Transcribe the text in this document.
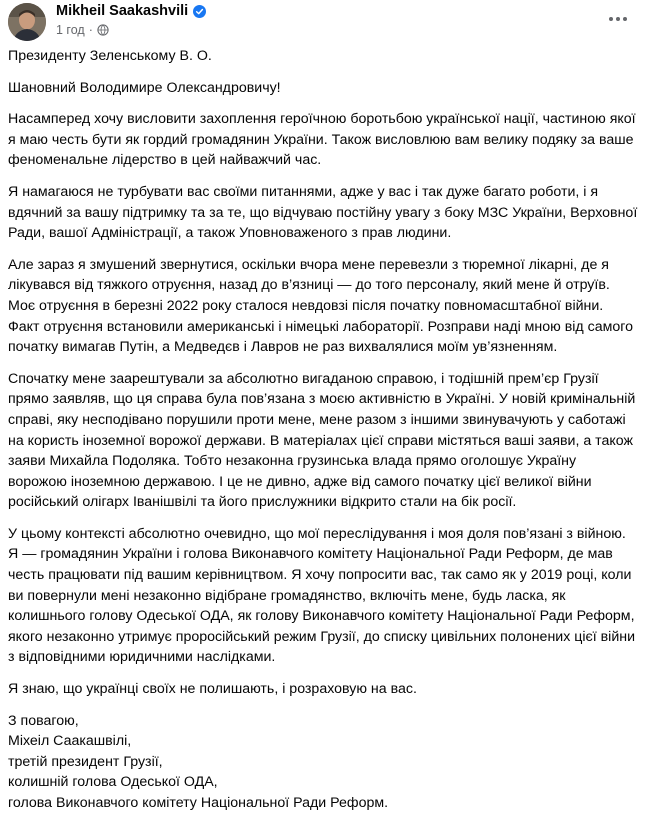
Mikheil Saakashvili
1 год ·

Президенту Зеленському В. О.

Шановний Володимире Олександровичу!

Насамперед хочу висловити захоплення героїчною боротьбою української нації, частиною якої я маю честь бути як гордий громадянин України. Також висловлюю вам велику подяку за ваше феноменальне лідерство в цей найважчий час.

Я намагаюся не турбувати вас своїми питаннями, адже у вас і так дуже багато роботи, і я вдячний за вашу підтримку та за те, що відчуваю постійну увагу з боку МЗС України, Верховної Ради, вашої Адміністрації, а також Уповноваженого з прав людини.

Але зараз я змушений звернутися, оскільки вчора мене перевезли з тюремної лікарні, де я лікувався від тяжкого отруєння, назад до в’язниці — до того персоналу, який мене й отруїв. Моє отруєння в березні 2022 року сталося невдовзі після початку повномасштабної війни. Факт отруєння встановили американські і німецькі лабораторії. Розправи наді мною від самого початку вимагав Путін, а Медведєв і Лавров не раз вихвалялися моїм ув’язненням.

Спочатку мене заарештували за абсолютно вигаданою справою, і тодішній прем’єр Грузії прямо заявляв, що ця справа була пов’язана з моєю активністю в Україні. У новій кримінальній справі, яку несподівано порушили проти мене, мене разом з іншими звинувачують у саботажі на користь іноземної ворожої держави. В матеріалах цієї справи містяться ваші заяви, а також заяви Михайла Подоляка. Тобто незаконна грузинська влада прямо оголошує Україну ворожою іноземною державою. І це не дивно, адже від самого початку цієї великої війни російський олігарх Іванішвілі та його прислужники відкрито стали на бік росії.

У цьому контексті абсолютно очевидно, що мої переслідування і моя доля пов’язані з війною. Я — громадянин України і голова Виконавчого комітету Національної Ради Реформ, де мав честь працювати під вашим керівництвом. Я хочу попросити вас, так само як у 2019 році, коли ви повернули мені незаконно відібране громадянство, включіть мене, будь ласка, як колишнього голову Одеської ОДА, як голову Виконавчого комітету Національної Ради Реформ, якого незаконно утримує проросійський режим Грузії, до списку цивільних полонених цієї війни з відповідними юридичними наслідками.

Я знаю, що українці своїх не полишають, і розраховую на вас.

З повагою,

Міхеіл Саакашвілі,

третій президент Грузії,

колишній голова Одеської ОДА,

голова Виконавчого комітету Національної Ради Реформ.
